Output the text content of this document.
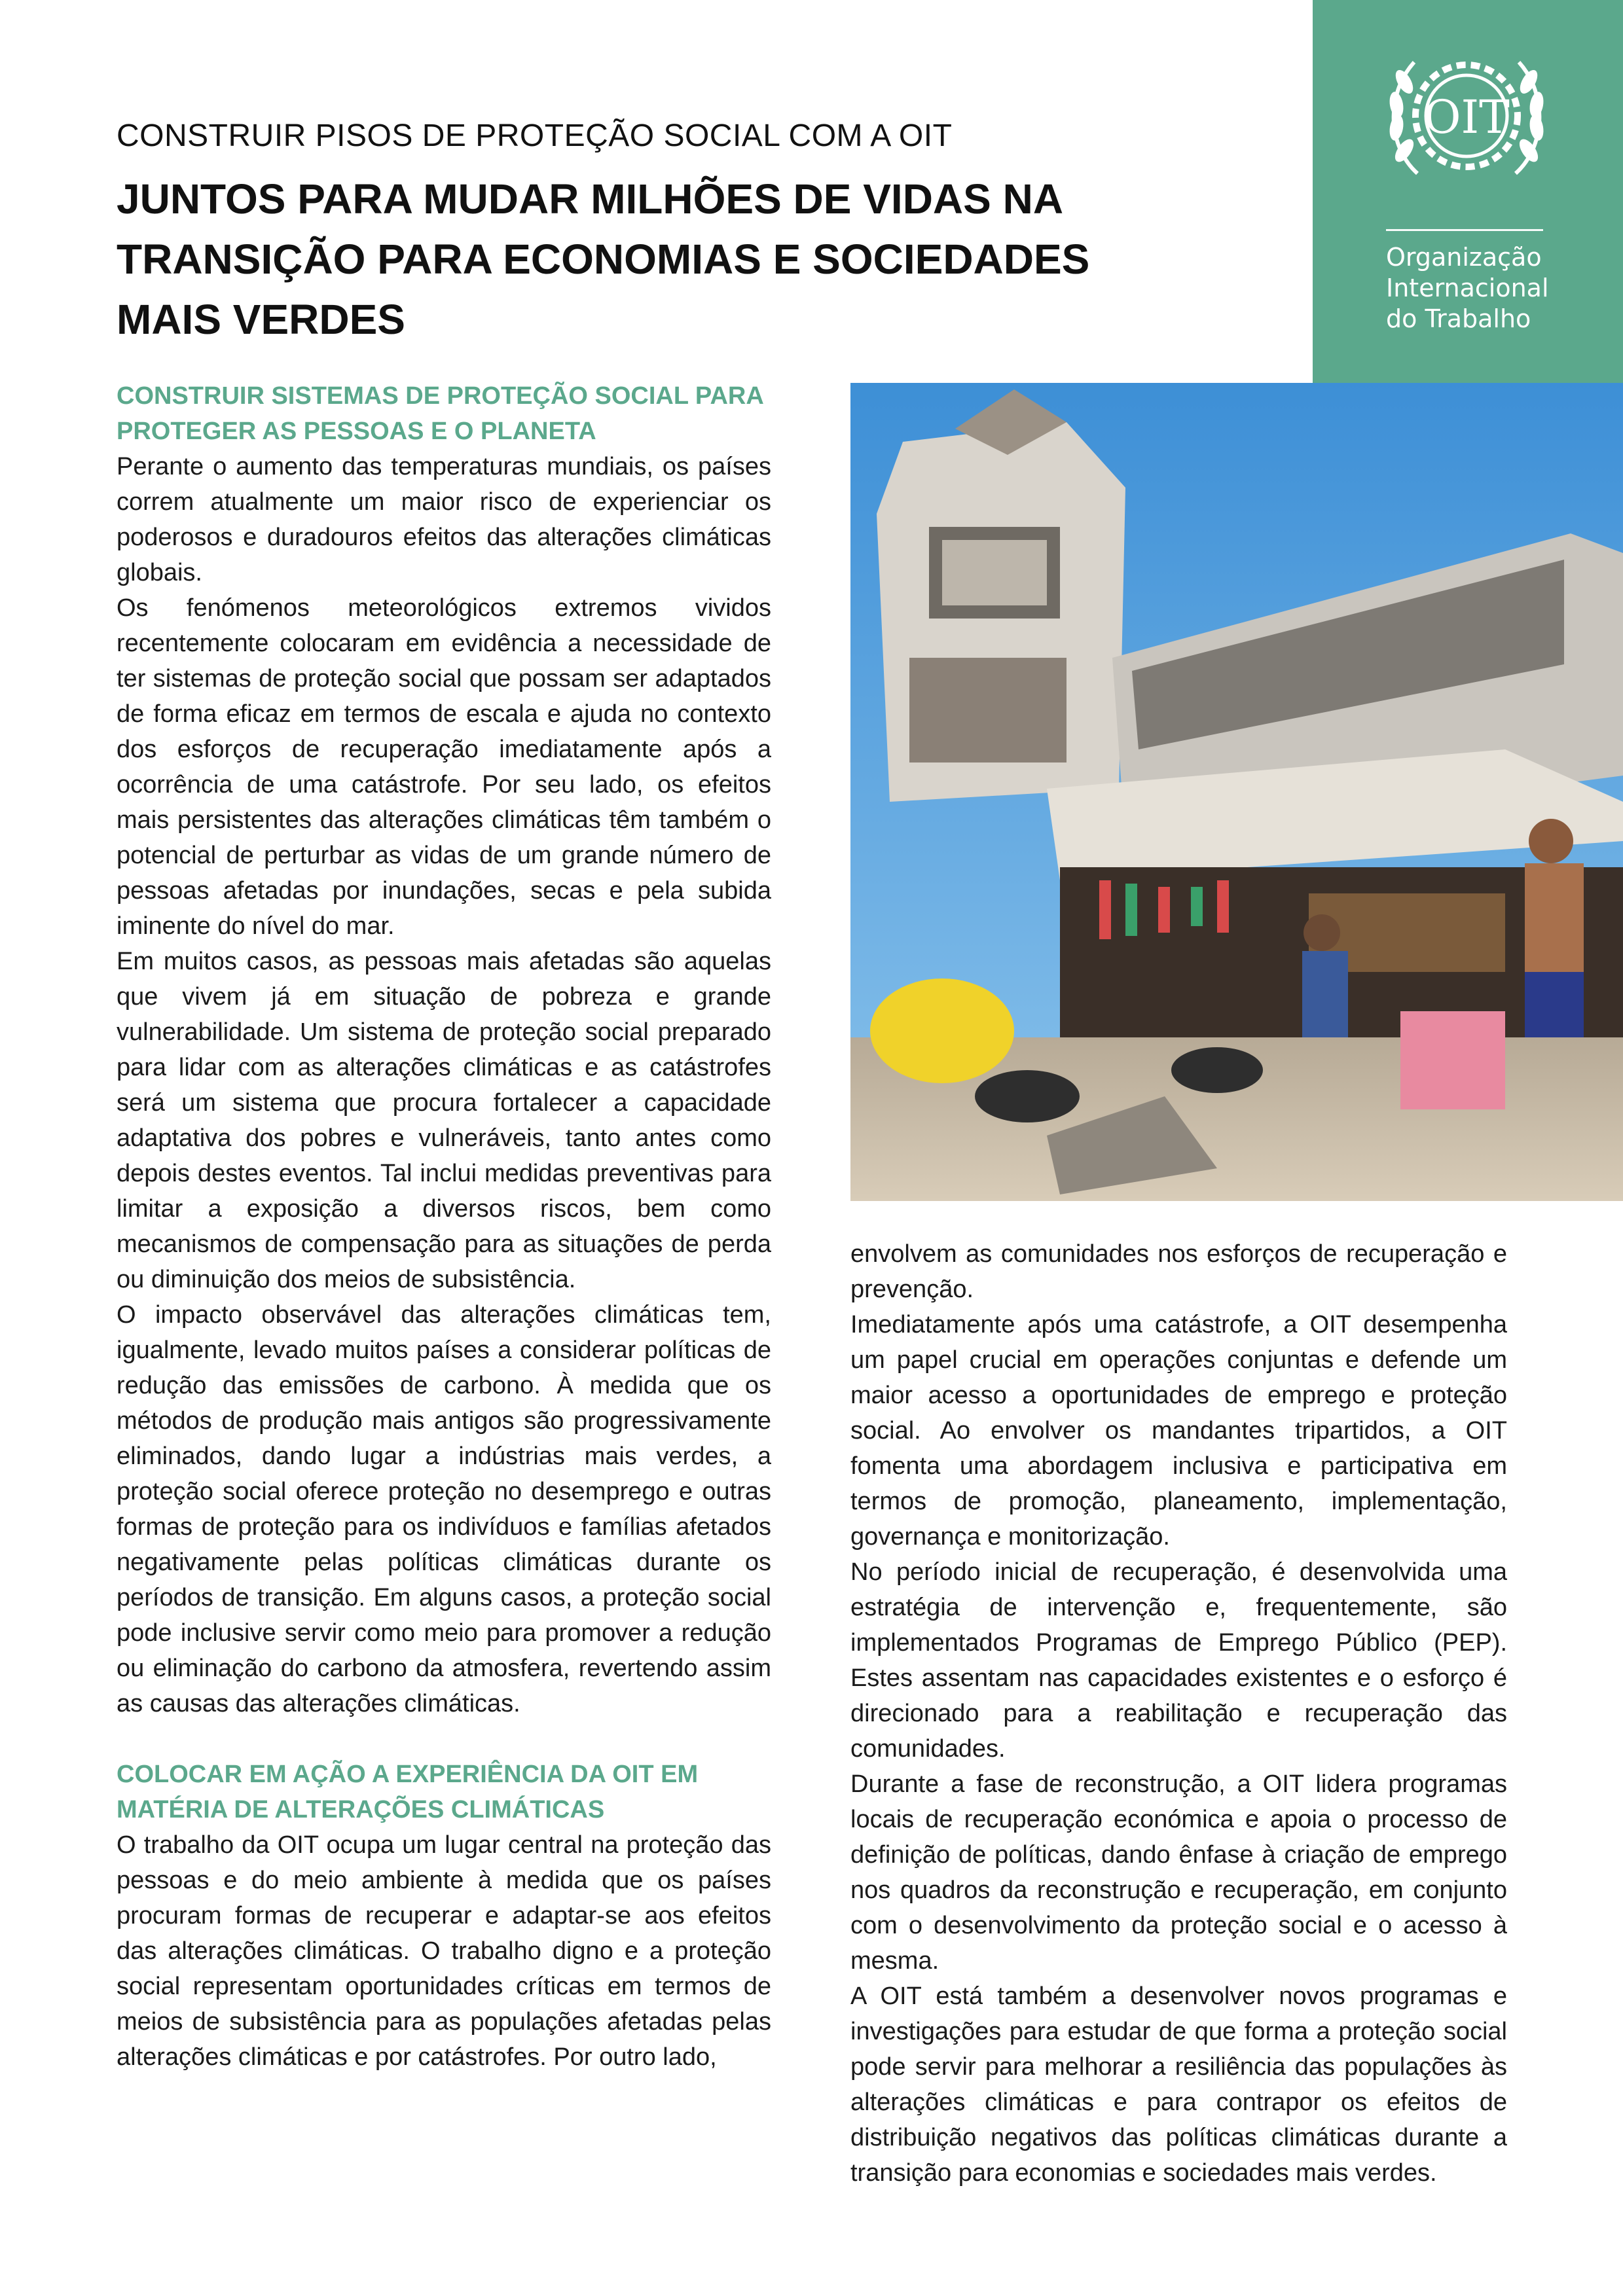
OIT
Organização
Internacional
do Trabalho
CONSTRUIR PISOS DE PROTEÇÃO SOCIAL COM A OIT
JUNTOS PARA MUDAR MILHÕES DE VIDAS NA
TRANSIÇÃO PARA ECONOMIAS E SOCIEDADES
MAIS VERDES
CONSTRUIR SISTEMAS DE PROTEÇÃO SOCIAL PARA
PROTEGER AS PESSOAS E O PLANETA

Perante o aumento das temperaturas mundiais, os países correm atualmente um maior risco de experienciar os poderosos e duradouros efeitos das alterações climáticas globais.

Os fenómenos meteorológicos extremos vividos recentemente colocaram em evidência a necessidade de ter sistemas de proteção social que possam ser adaptados de forma eficaz em termos de escala e ajuda no contexto dos esforços de recuperação imediatamente após a ocorrência de uma catástrofe. Por seu lado, os efeitos mais persistentes das alterações climáticas têm também o potencial de perturbar as vidas de um grande número de pessoas afetadas por inundações, secas e pela subida iminente do nível do mar.

Em muitos casos, as pessoas mais afetadas são aquelas que vivem já em situação de pobreza e grande vulnerabilidade. Um sistema de proteção social preparado para lidar com as alterações climáticas e as catástrofes será um sistema que procura fortalecer a capacidade adaptativa dos pobres e vulneráveis, tanto antes como depois destes eventos. Tal inclui medidas preventivas para limitar a exposição a diversos riscos, bem como mecanismos de compensação para as situações de perda ou diminuição dos meios de subsistência.

O impacto observável das alterações climáticas tem, igualmente, levado muitos países a considerar políticas de redução das emissões de carbono. À medida que os métodos de produção mais antigos são progressivamente eliminados, dando lugar a indústrias mais verdes, a proteção social oferece proteção no desemprego e outras formas de proteção para os indivíduos e famílias afetados negativamente pelas políticas climáticas durante os períodos de transição. Em alguns casos, a proteção social pode inclusive servir como meio para promover a redução ou eliminação do carbono da atmosfera, revertendo assim as causas das alterações climáticas.

COLOCAR EM AÇÃO A EXPERIÊNCIA DA OIT EM
MATÉRIA DE ALTERAÇÕES CLIMÁTICAS

O trabalho da OIT ocupa um lugar central na proteção das pessoas e do meio ambiente à medida que os países procuram formas de recuperar e adaptar-se aos efeitos das alterações climáticas. O trabalho digno e a proteção social representam oportunidades críticas em termos de meios de subsistência para as populações afetadas pelas alterações climáticas e por catástrofes. Por outro lado,

envolvem as comunidades nos esforços de recuperação e prevenção.

Imediatamente após uma catástrofe, a OIT desempenha um papel crucial em operações conjuntas e defende um maior acesso a oportunidades de emprego e proteção social. Ao envolver os mandantes tripartidos, a OIT fomenta uma abordagem inclusiva e participativa em termos de promoção, planeamento, implementação, governança e monitorização.

No período inicial de recuperação, é desenvolvida uma estratégia de intervenção e, frequentemente, são implementados Programas de Emprego Público (PEP). Estes assentam nas capacidades existentes e o esforço é direcionado para a reabilitação e recuperação das comunidades.

Durante a fase de reconstrução, a OIT lidera programas locais de recuperação económica e apoia o processo de definição de políticas, dando ênfase à criação de emprego nos quadros da reconstrução e recuperação, em conjunto com o desenvolvimento da proteção social e o acesso à mesma.

A OIT está também a desenvolver novos programas e investigações para estudar de que forma a proteção social pode servir para melhorar a resiliência das populações às alterações climáticas e para contrapor os efeitos de distribuição negativos das políticas climáticas durante a transição para economias e sociedades mais verdes.
